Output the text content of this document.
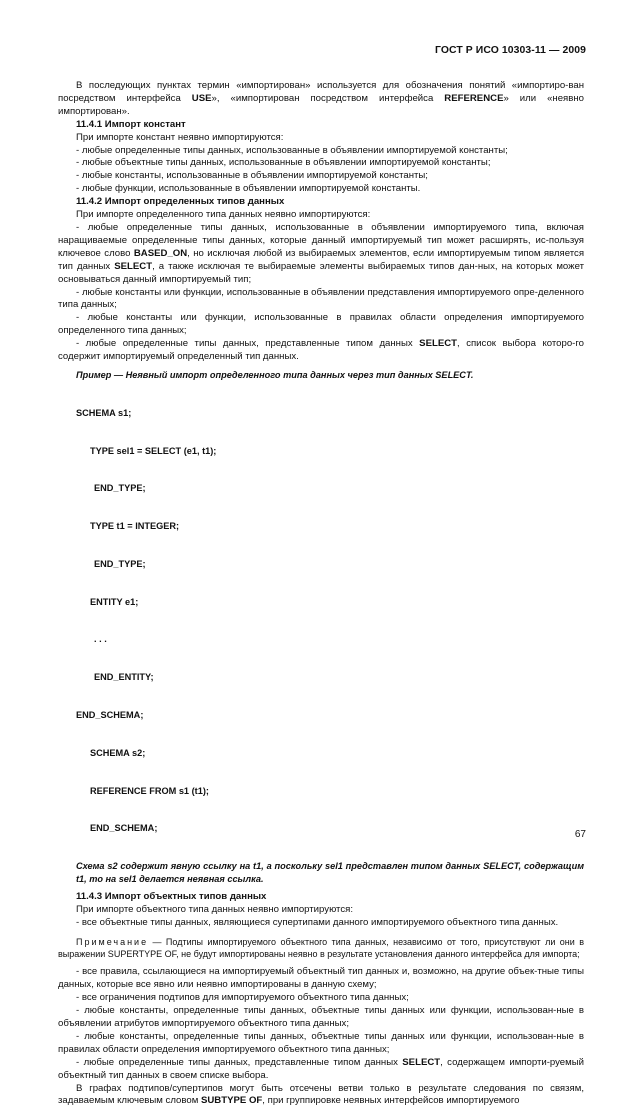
ГОСТ Р ИСО 10303-11 — 2009

В последующих пунктах термин «импортирован» используется для обозначения понятий «импортиро-ван посредством интерфейса USE», «импортирован посредством интерфейса REFERENCE» или «неявно импортирован».

11.4.1 Импорт констант

При импорте констант неявно импортируются:

- любые определенные типы данных, использованные в объявлении импортируемой константы;

- любые объектные типы данных, использованные в объявлении импортируемой константы;

- любые константы, использованные в объявлении импортируемой константы;

- любые функции, использованные в объявлении импортируемой константы.

11.4.2 Импорт определенных типов данных

При импорте определенного типа данных неявно импортируются:

- любые определенные типы данных, использованные в объявлении импортируемого типа, включая наращиваемые определенные типы данных, которые данный импортируемый тип может расширять, ис-пользуя ключевое слово BASED_ON, но исключая любой из выбираемых элементов, если импортируемым типом является тип данных SELECT, а также исключая те выбираемые элементы выбираемых типов дан-ных, на которых может основываться данный импортируемый тип;

- любые константы или функции, использованные в объявлении представления импортируемого опре-деленного типа данных;

- любые константы или функции, использованные в правилах области определения импортируемого определенного типа данных;

- любые определенные типы данных, представленные типом данных SELECT, список выбора которо-го содержит импортируемый определенный тип данных.

Пример — Неявный импорт определенного типа данных через тип данных SELECT.

SCHEMA s1;

TYPE sel1 = SELECT (e1, t1);

END_TYPE;

TYPE t1 = INTEGER;

END_TYPE;

ENTITY e1;

. . .

END_ENTITY;

END_SCHEMA;

SCHEMA s2;

REFERENCE FROM s1 (t1);

END_SCHEMA;

Схема s2 содержит явную ссылку на t1, а поскольку sel1 представлен типом данных SELECT, содержащим t1, то на sel1 делается неявная ссылка.

11.4.3 Импорт объектных типов данных

При импорте объектного типа данных неявно импортируются:

- все объектные типы данных, являющиеся супертипами данного импортируемого объектного типа данных.

Примечание — Подтипы импортируемого объектного типа данных, независимо от того, присутствуют ли они в выражении SUPERTYPE OF, не будут импортированы неявно в результате установления данного интерфейса для импорта;

- все правила, ссылающиеся на импортируемый объектный тип данных и, возможно, на другие объек-тные типы данных, которые все явно или неявно импортированы в данную схему;

- все ограничения подтипов для импортируемого объектного типа данных;

- любые константы, определенные типы данных, объектные типы данных или функции, использован-ные в объявлении атрибутов импортируемого объектного типа данных;

- любые константы, определенные типы данных, объектные типы данных или функции, использован-ные в правилах области определения импортируемого объектного типа данных;

- любые определенные типы данных, представленные типом данных SELECT, содержащем импорти-руемый объектный тип данных в своем списке выбора.

В графах подтипов/супертипов могут быть отсечены ветви только в результате следования по связям, задаваемым ключевым словом SUBTYPE OF, при группировке неявных интерфейсов импортируемого

67
